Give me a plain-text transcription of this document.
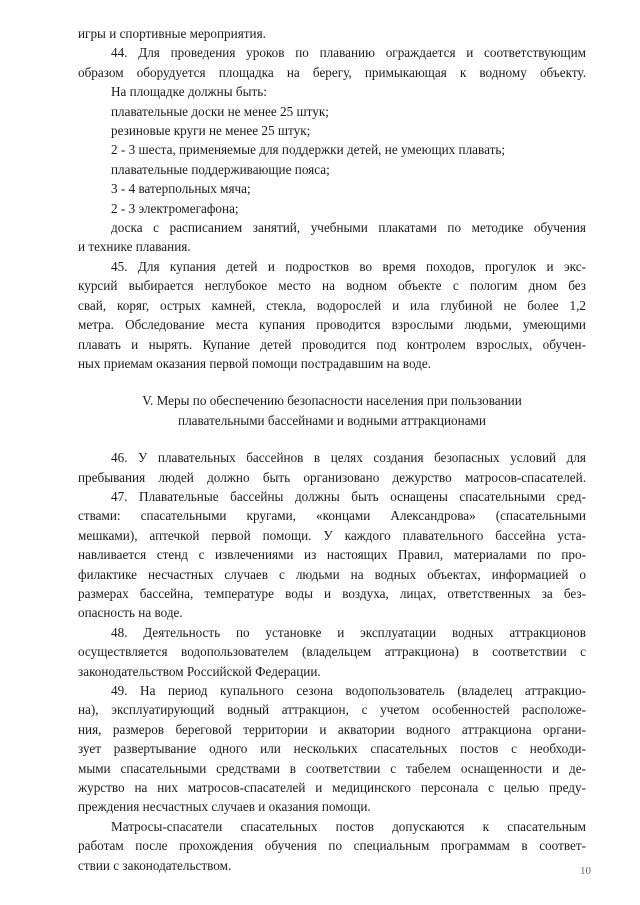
игры и спортивные мероприятия.
44. Для проведения уроков по плаванию ограждается и соответствующим
образом оборудуется площадка на берегу, примыкающая к водному объекту.
На площадке должны быть:
плавательные доски не менее 25 штук;
резиновые круги не менее 25 штук;
2 - 3 шеста, применяемые для поддержки детей, не умеющих плавать;
плавательные поддерживающие пояса;
3 - 4 ватерпольных мяча;
2 - 3 электромегафона;
доска с расписанием занятий, учебными плакатами по методике обучения
и технике плавания.
45. Для купания детей и подростков во время походов, прогулок и экс-
курсий выбирается неглубокое место на водном объекте с пологим дном без
свай, коряг, острых камней, стекла, водорослей и ила глубиной не более 1,2
метра. Обследование места купания проводится взрослыми людьми, умеющими
плавать и нырять. Купание детей проводится под контролем взрослых, обучен-
ных приемам оказания первой помощи пострадавшим на воде.
V. Меры по обеспечению безопасности населения при пользовании
плавательными бассейнами и водными аттракционами
46. У плавательных бассейнов в целях создания безопасных условий для
пребывания людей должно быть организовано дежурство матросов-спасателей.
47. Плавательные бассейны должны быть оснащены спасательными сред-
ствами: спасательными кругами, «концами Александрова» (спасательными
мешками), аптечкой первой помощи. У каждого плавательного бассейна уста-
навливается стенд с извлечениями из настоящих Правил, материалами по про-
филактике несчастных случаев с людьми на водных объектах, информацией о
размерах бассейна, температуре воды и воздуха, лицах, ответственных за без-
опасность на воде.
48. Деятельность по установке и эксплуатации водных аттракционов
осуществляется водопользователем (владельцем аттракциона) в соответствии с
законодательством Российской Федерации.
49. На период купального сезона водопользователь (владелец аттракцио-
на), эксплуатирующий водный аттракцион, с учетом особенностей расположе-
ния, размеров береговой территории и акватории водного аттракциона органи-
зует развертывание одного или нескольких спасательных постов с необходи-
мыми спасательными средствами в соответствии с табелем оснащенности и де-
журство на них матросов-спасателей и медицинского персонала с целью преду-
преждения несчастных случаев и оказания помощи.
Матросы-спасатели спасательных постов допускаются к спасательным
работам после прохождения обучения по специальным программам в соответ-
ствии с законодательством.	10
